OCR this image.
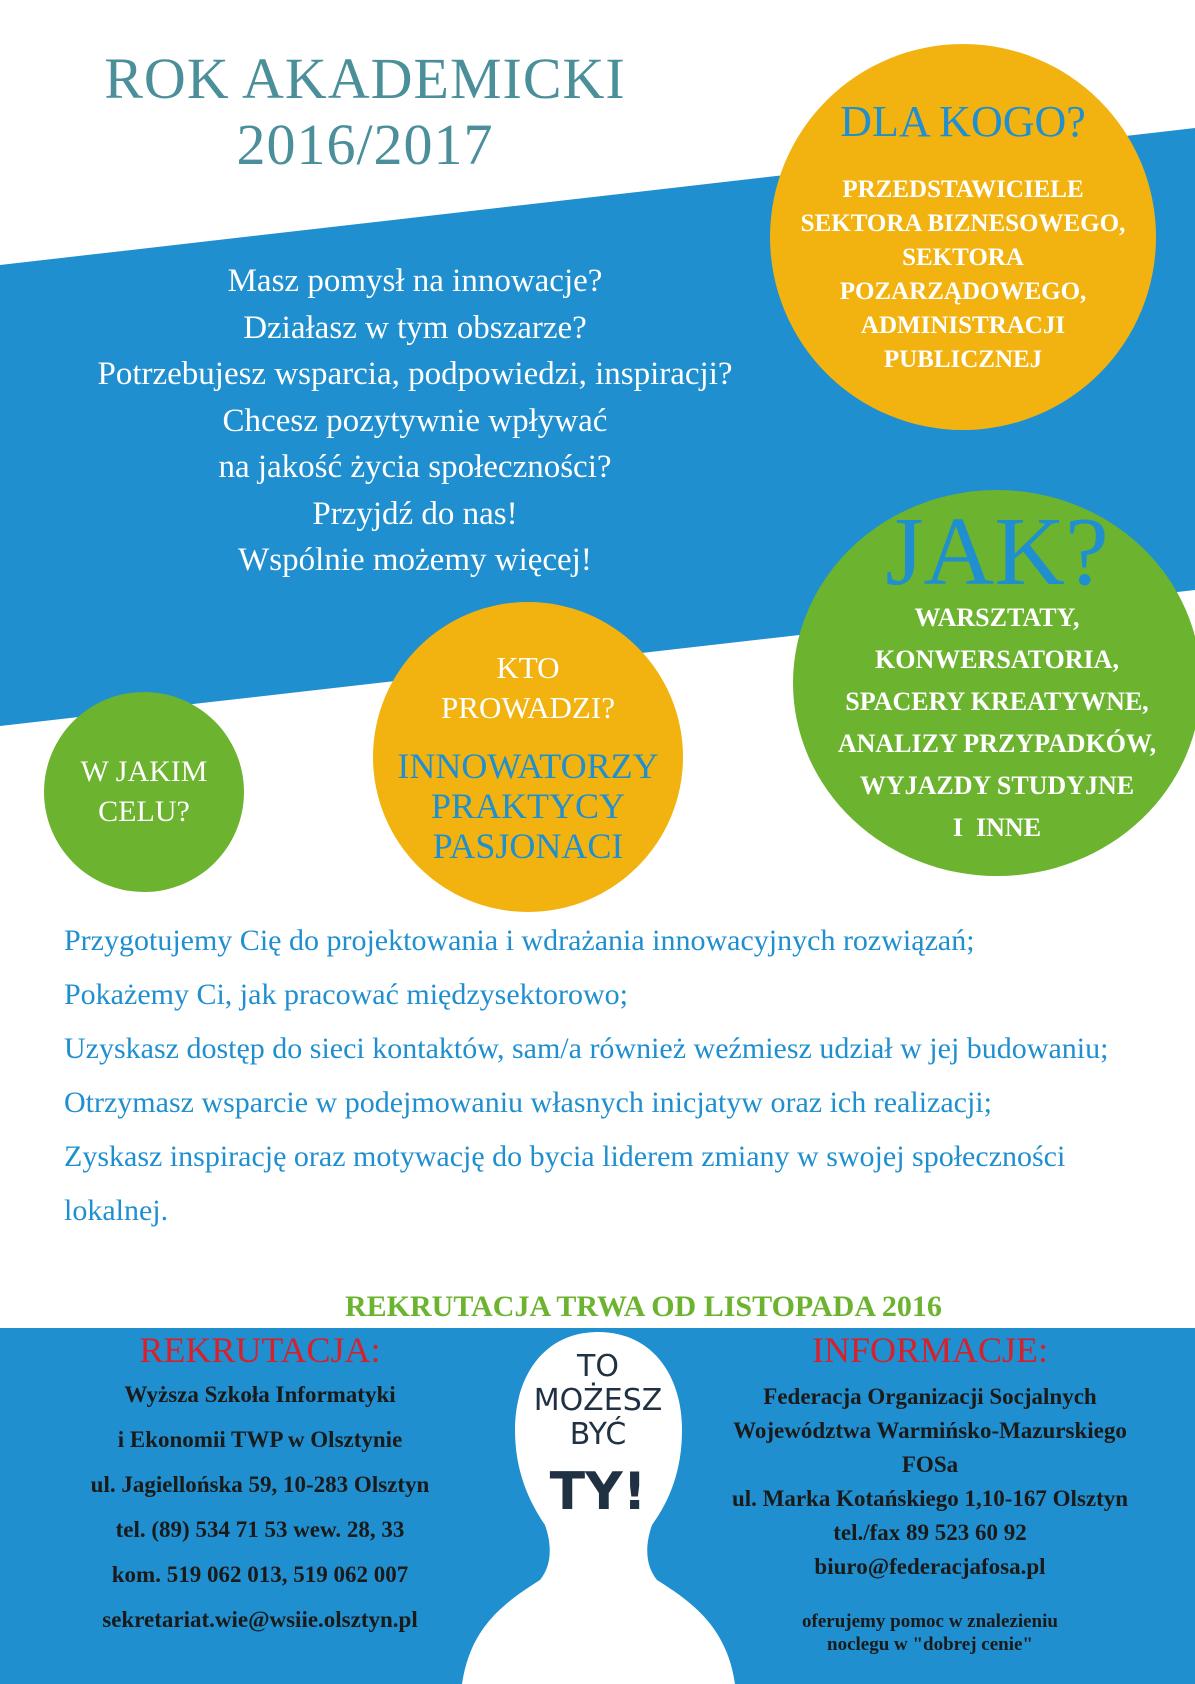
ROK AKADEMICKI
2016/2017
Masz pomysł na innowacje?
Działasz w tym obszarze?
Potrzebujesz wsparcia, podpowiedzi, inspiracji?
Chcesz pozytywnie wpływać
na jakość życia społeczności?
Przyjdź do nas!
Wspólnie możemy więcej!
DLA KOGO?
PRZEDSTAWICIELE
SEKTORA BIZNESOWEGO,
SEKTORA
POZARZĄDOWEGO,
ADMINISTRACJI
PUBLICZNEJ
JAK?
WARSZTATY,
KONWERSATORIA,
SPACERY KREATYWNE,
ANALIZY PRZYPADKÓW,
WYJAZDY STUDYJNE
I  INNE
KTO
PROWADZI?
INNOWATORZY
PRAKTYCY
PASJONACI
W JAKIM
CELU?

Przygotujemy Cię do projektowania i wdrażania innowacyjnych rozwiązań;

Pokażemy Ci, jak pracować międzysektorowo;

Uzyskasz dostęp do sieci kontaktów, sam/a również weźmiesz udział w jej budowaniu;

Otrzymasz wsparcie w podejmowaniu własnych inicjatyw oraz ich realizacji;

Zyskasz inspirację oraz motywację do bycia liderem zmiany w swojej społeczności lokalnej.

REKRUTACJA TRWA OD LISTOPADA 2016
REKRUTACJA:
Wyższa Szkoła Informatyki
i Ekonomii TWP w Olsztynie
ul. Jagiellońska 59, 10-283 Olsztyn
tel. (89) 534 71 53 wew. 28, 33
kom. 519 062 013, 519 062 007
sekretariat.wie@wsiie.olsztyn.pl
INFORMACJE:
Federacja Organizacji Socjalnych
Województwa Warmińsko-Mazurskiego
FOSa
ul. Marka Kotańskiego 1,10-167 Olsztyn
tel./fax 89 523 60 92
biuro@federacjafosa.pl
oferujemy pomoc w znalezieniu
noclegu w "dobrej cenie"
TO
MOŻESZ
BYĆ
TY!
